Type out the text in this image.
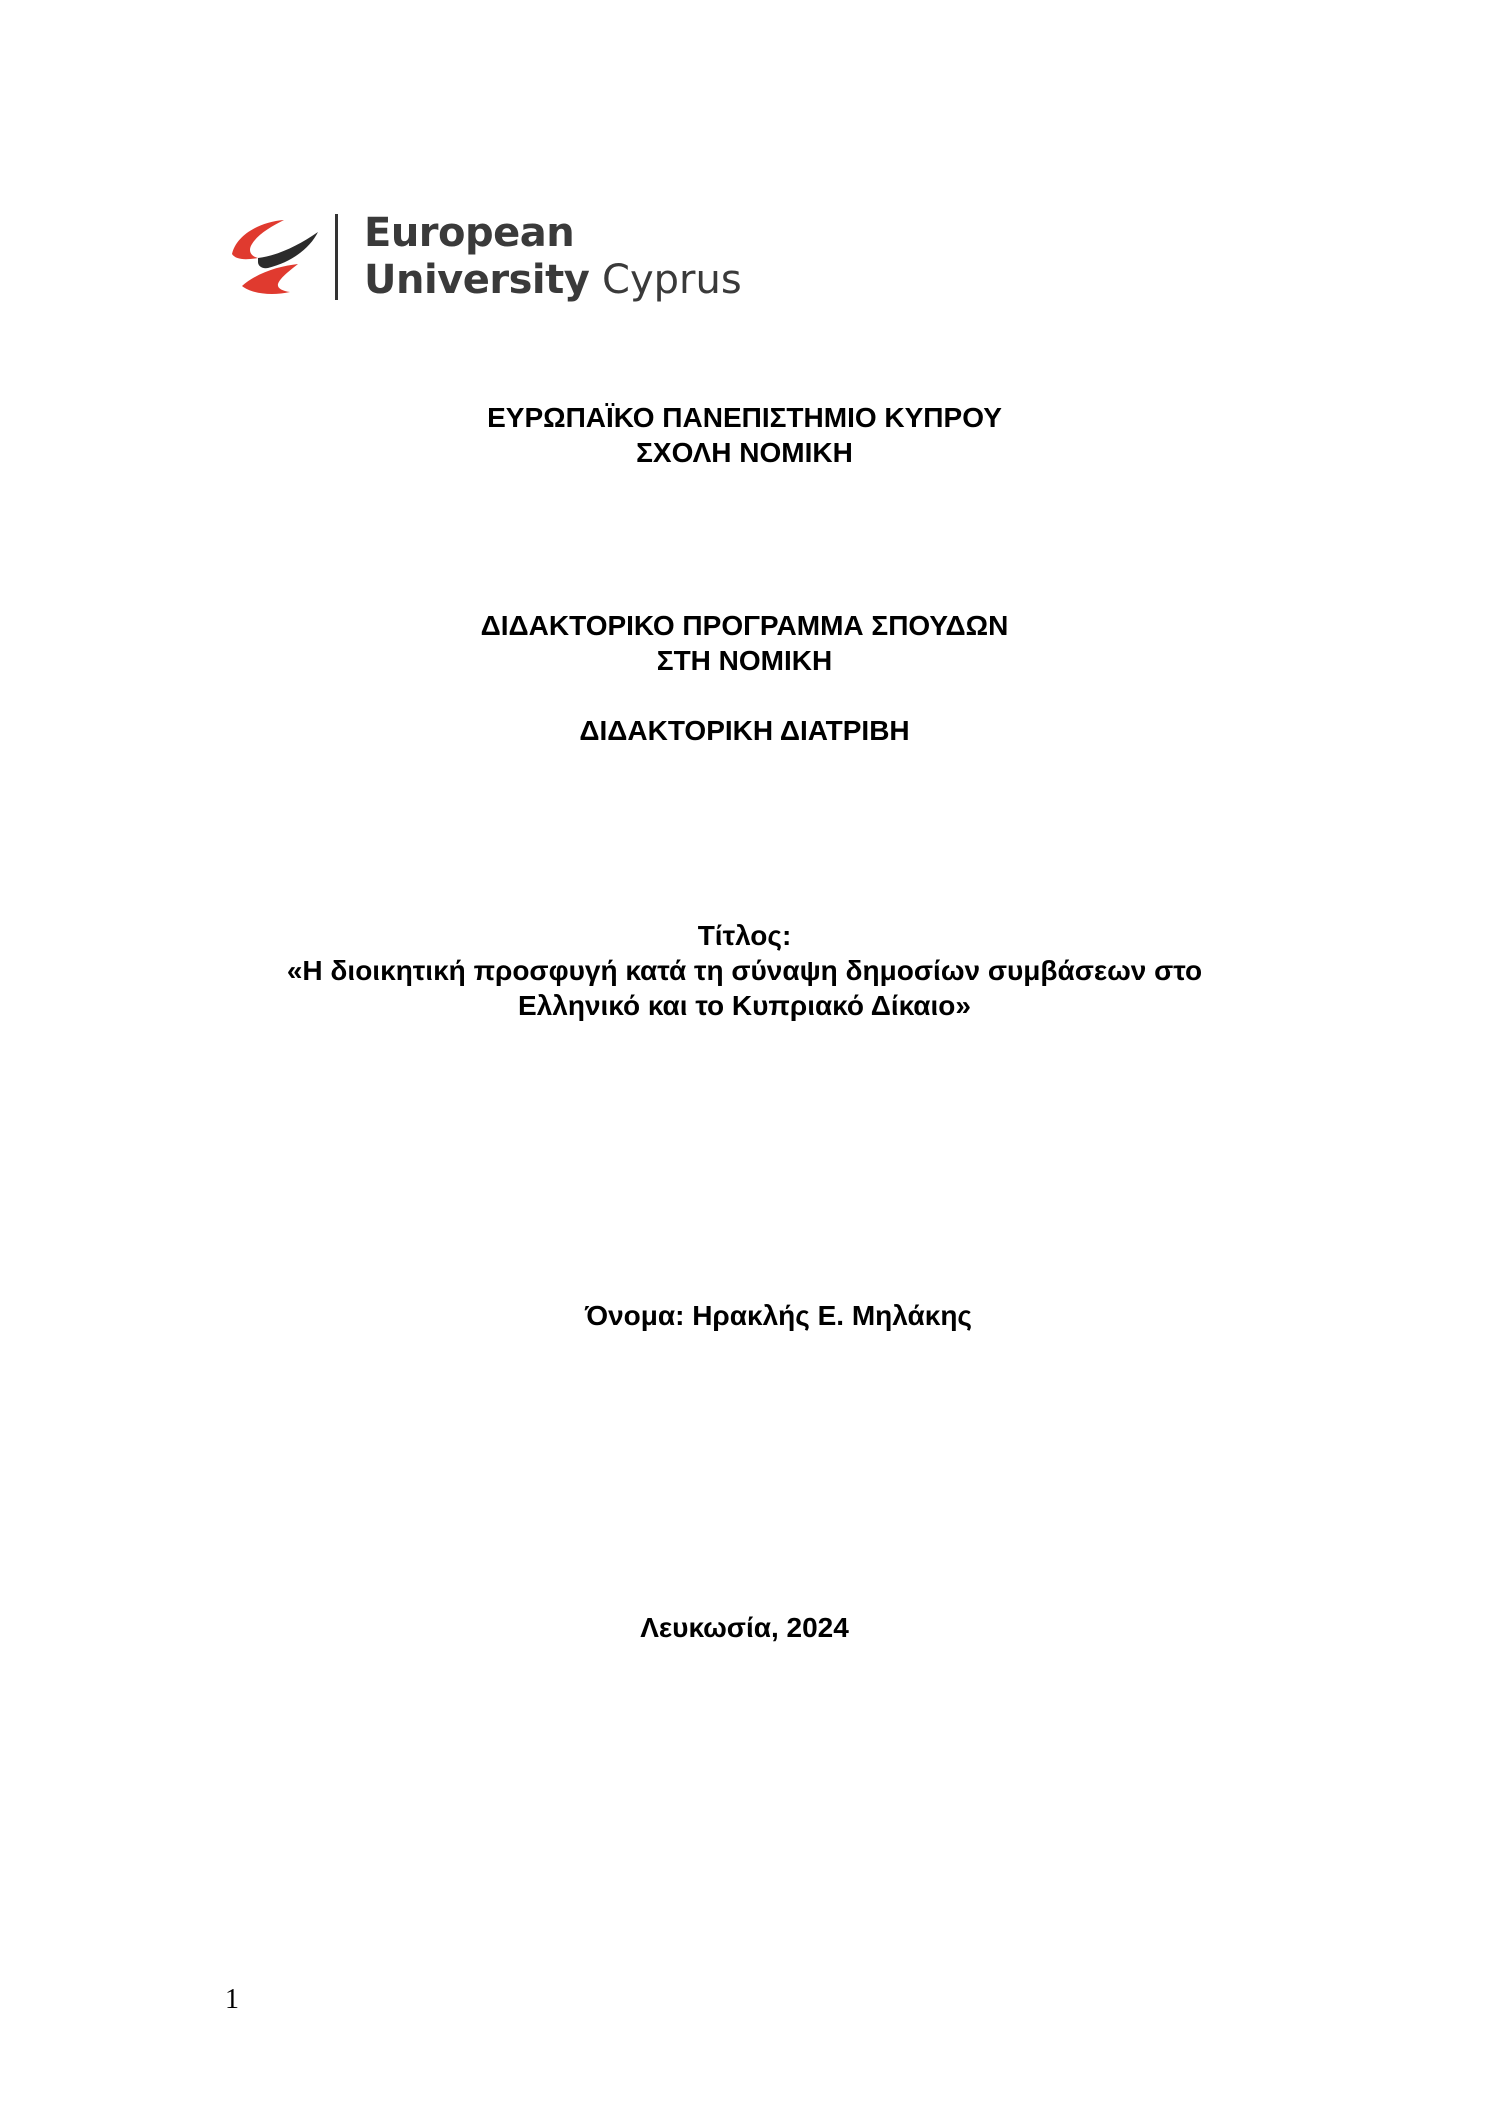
European
University Cyprus
ΕΥΡΩΠΑΪΚΟ ΠΑΝΕΠΙΣΤΗΜΙΟ ΚΥΠΡΟΥ
ΣΧΟΛΗ ΝΟΜΙΚΗ
ΔΙΔΑΚΤΟΡΙΚΟ ΠΡΟΓΡΑΜΜΑ ΣΠΟΥΔΩΝ
ΣΤΗ ΝΟΜΙΚΗ
ΔΙΔΑΚΤΟΡΙΚΗ ΔΙΑΤΡΙΒΗ
Τίτλος:
«Η διοικητική προσφυγή κατά τη σύναψη δημοσίων συμβάσεων στο
Ελληνικό και το Κυπριακό Δίκαιο»
Όνομα: Ηρακλής Ε. Μηλάκης
Λευκωσία, 2024
1
